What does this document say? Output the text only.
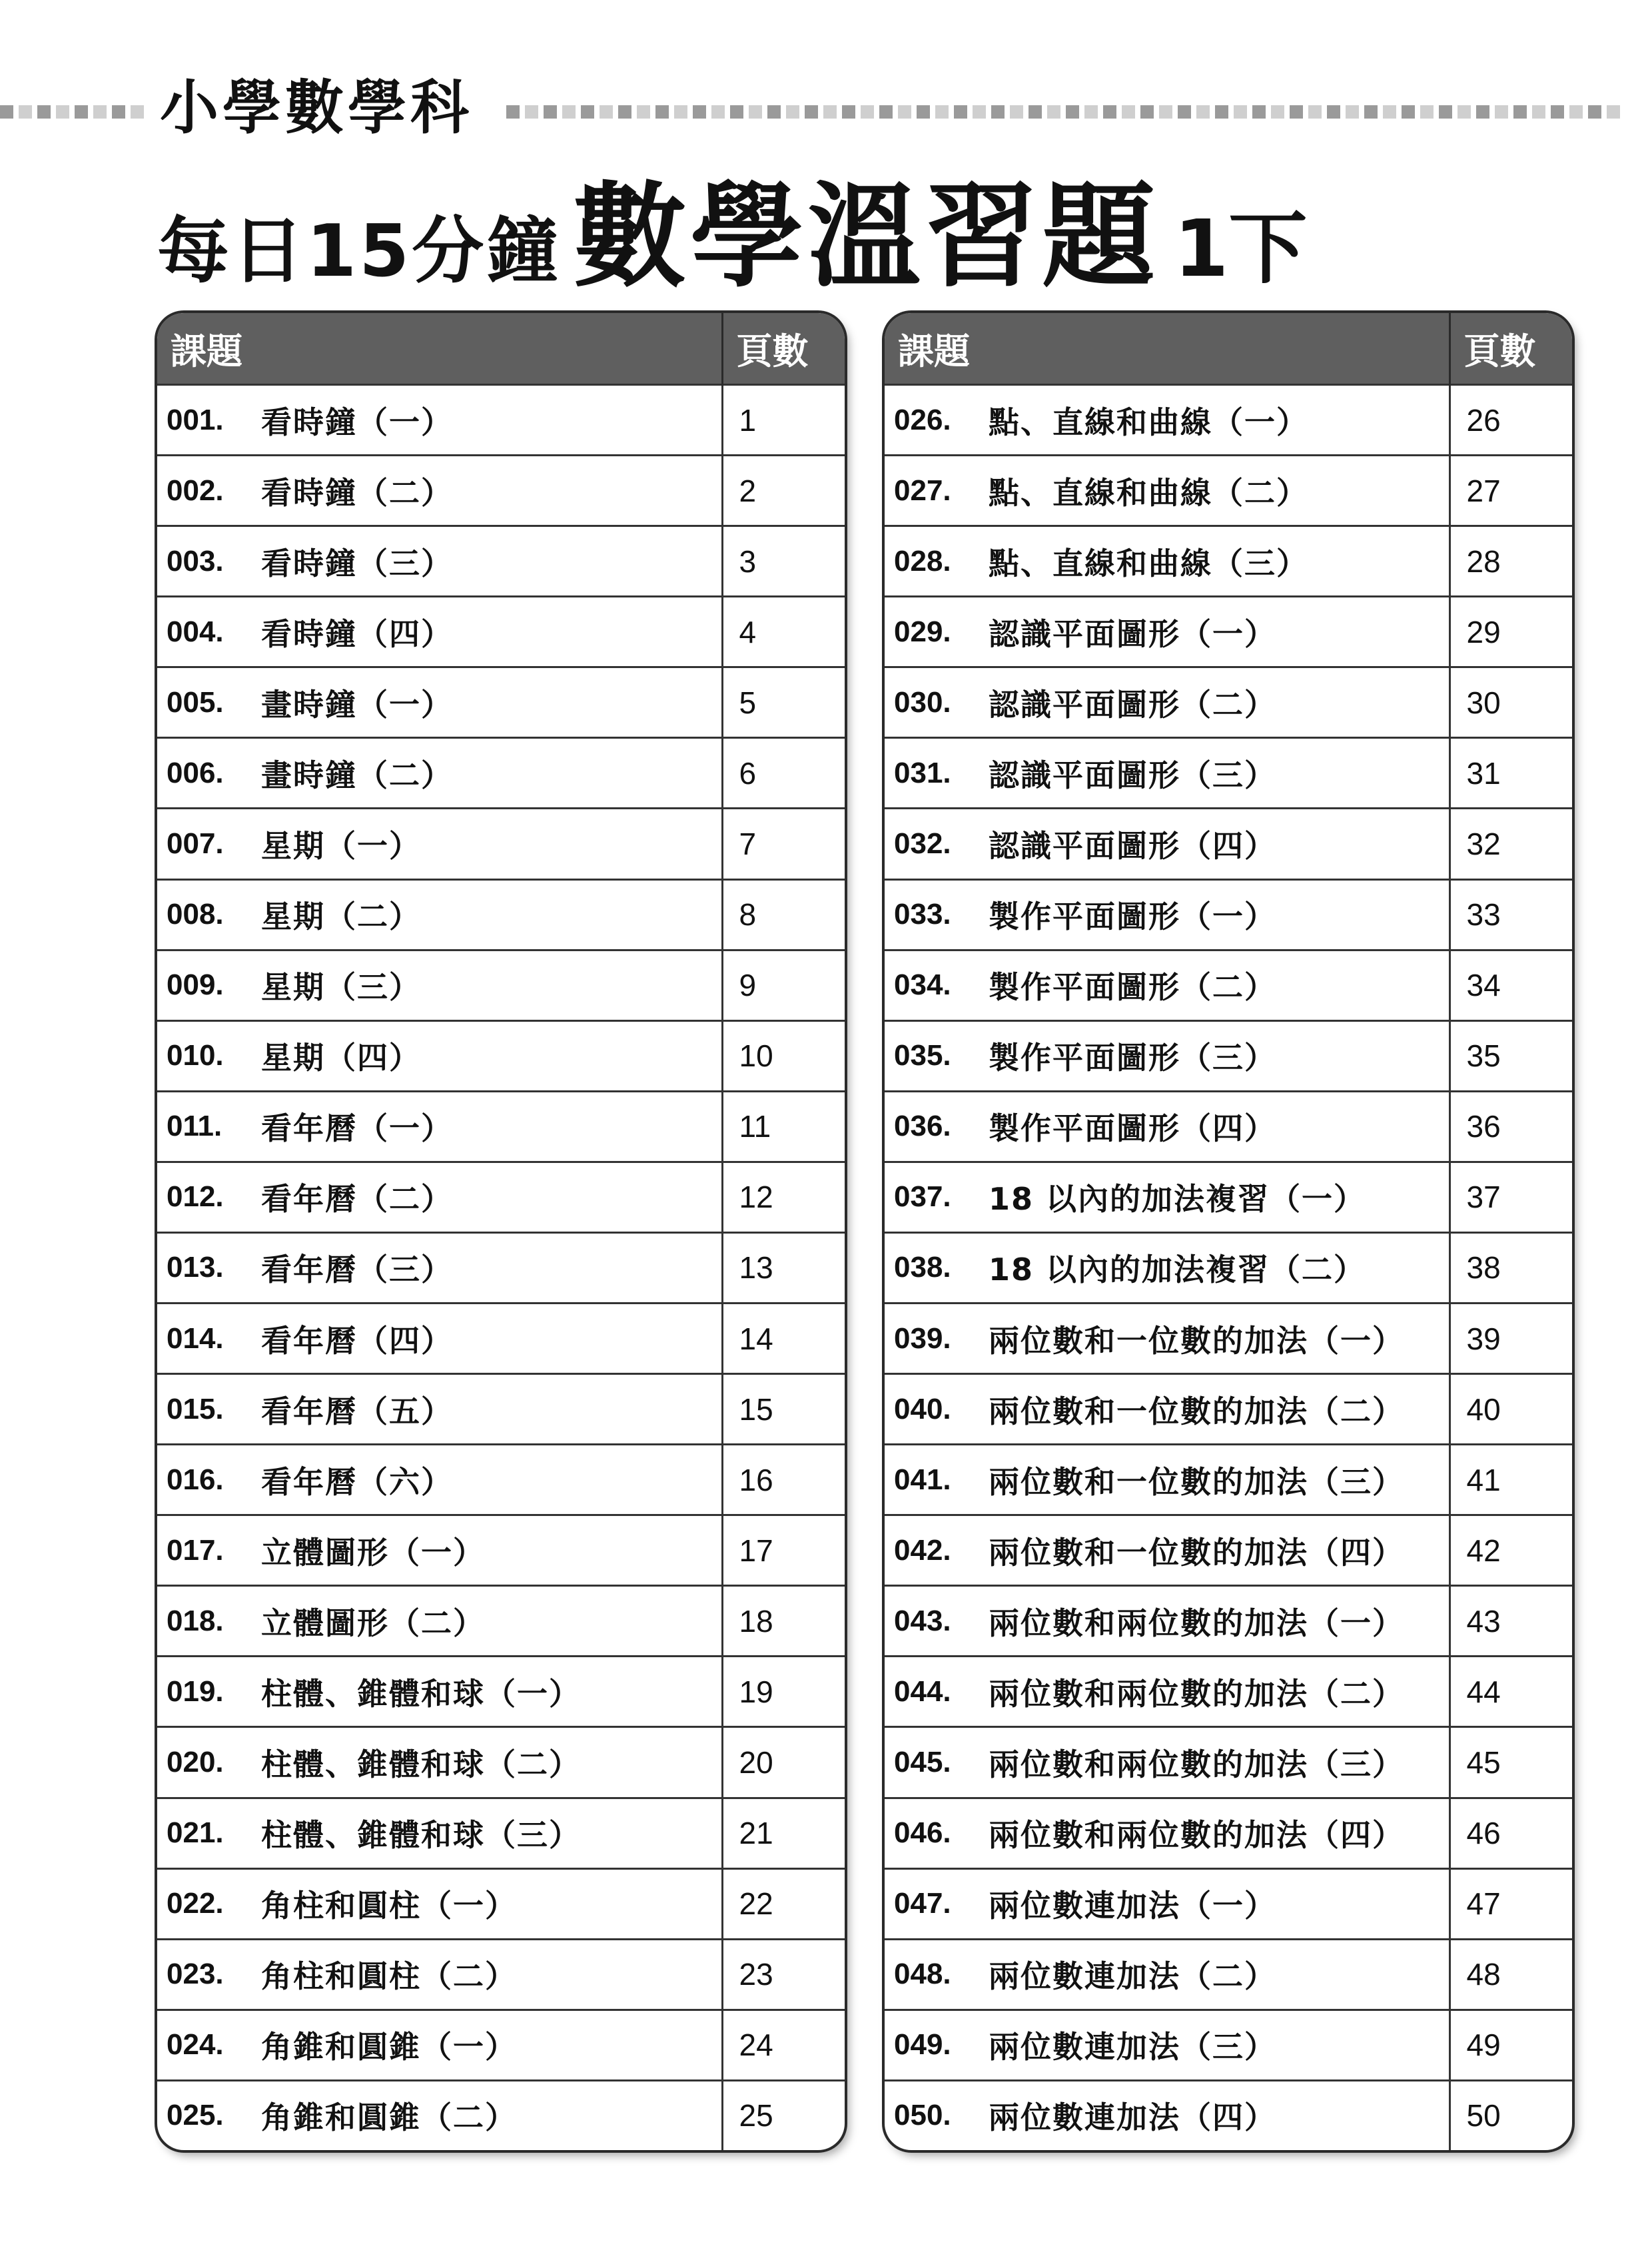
小學數學科
每日15分鐘 數學溫習題 1下
課題	頁數

001. 看時鐘（一）	1

002. 看時鐘（二）	2

003. 看時鐘（三）	3

004. 看時鐘（四）	4

005. 畫時鐘（一）	5

006. 畫時鐘（二）	6

007. 星期（一）	7

008. 星期（二）	8

009. 星期（三）	9

010. 星期（四）	10

011. 看年曆（一）	11

012. 看年曆（二）	12

013. 看年曆（三）	13

014. 看年曆（四）	14

015. 看年曆（五）	15

016. 看年曆（六）	16

017. 立體圖形（一）	17

018. 立體圖形（二）	18

019. 柱體、錐體和球（一）	19

020. 柱體、錐體和球（二）	20

021. 柱體、錐體和球（三）	21

022. 角柱和圓柱（一）	22

023. 角柱和圓柱（二）	23

024. 角錐和圓錐（一）	24

025. 角錐和圓錐（二）	25
課題	頁數

026. 點、直線和曲線（一）	26

027. 點、直線和曲線（二）	27

028. 點、直線和曲線（三）	28

029. 認識平面圖形（一）	29

030. 認識平面圖形（二）	30

031. 認識平面圖形（三）	31

032. 認識平面圖形（四）	32

033. 製作平面圖形（一）	33

034. 製作平面圖形（二）	34

035. 製作平面圖形（三）	35

036. 製作平面圖形（四）	36

037. 18 以內的加法複習（一）	37

038. 18 以內的加法複習（二）	38

039. 兩位數和一位數的加法（一）	39

040. 兩位數和一位數的加法（二）	40

041. 兩位數和一位數的加法（三）	41

042. 兩位數和一位數的加法（四）	42

043. 兩位數和兩位數的加法（一）	43

044. 兩位數和兩位數的加法（二）	44

045. 兩位數和兩位數的加法（三）	45

046. 兩位數和兩位數的加法（四）	46

047. 兩位數連加法（一）	47

048. 兩位數連加法（二）	48

049. 兩位數連加法（三）	49

050. 兩位數連加法（四）	50
